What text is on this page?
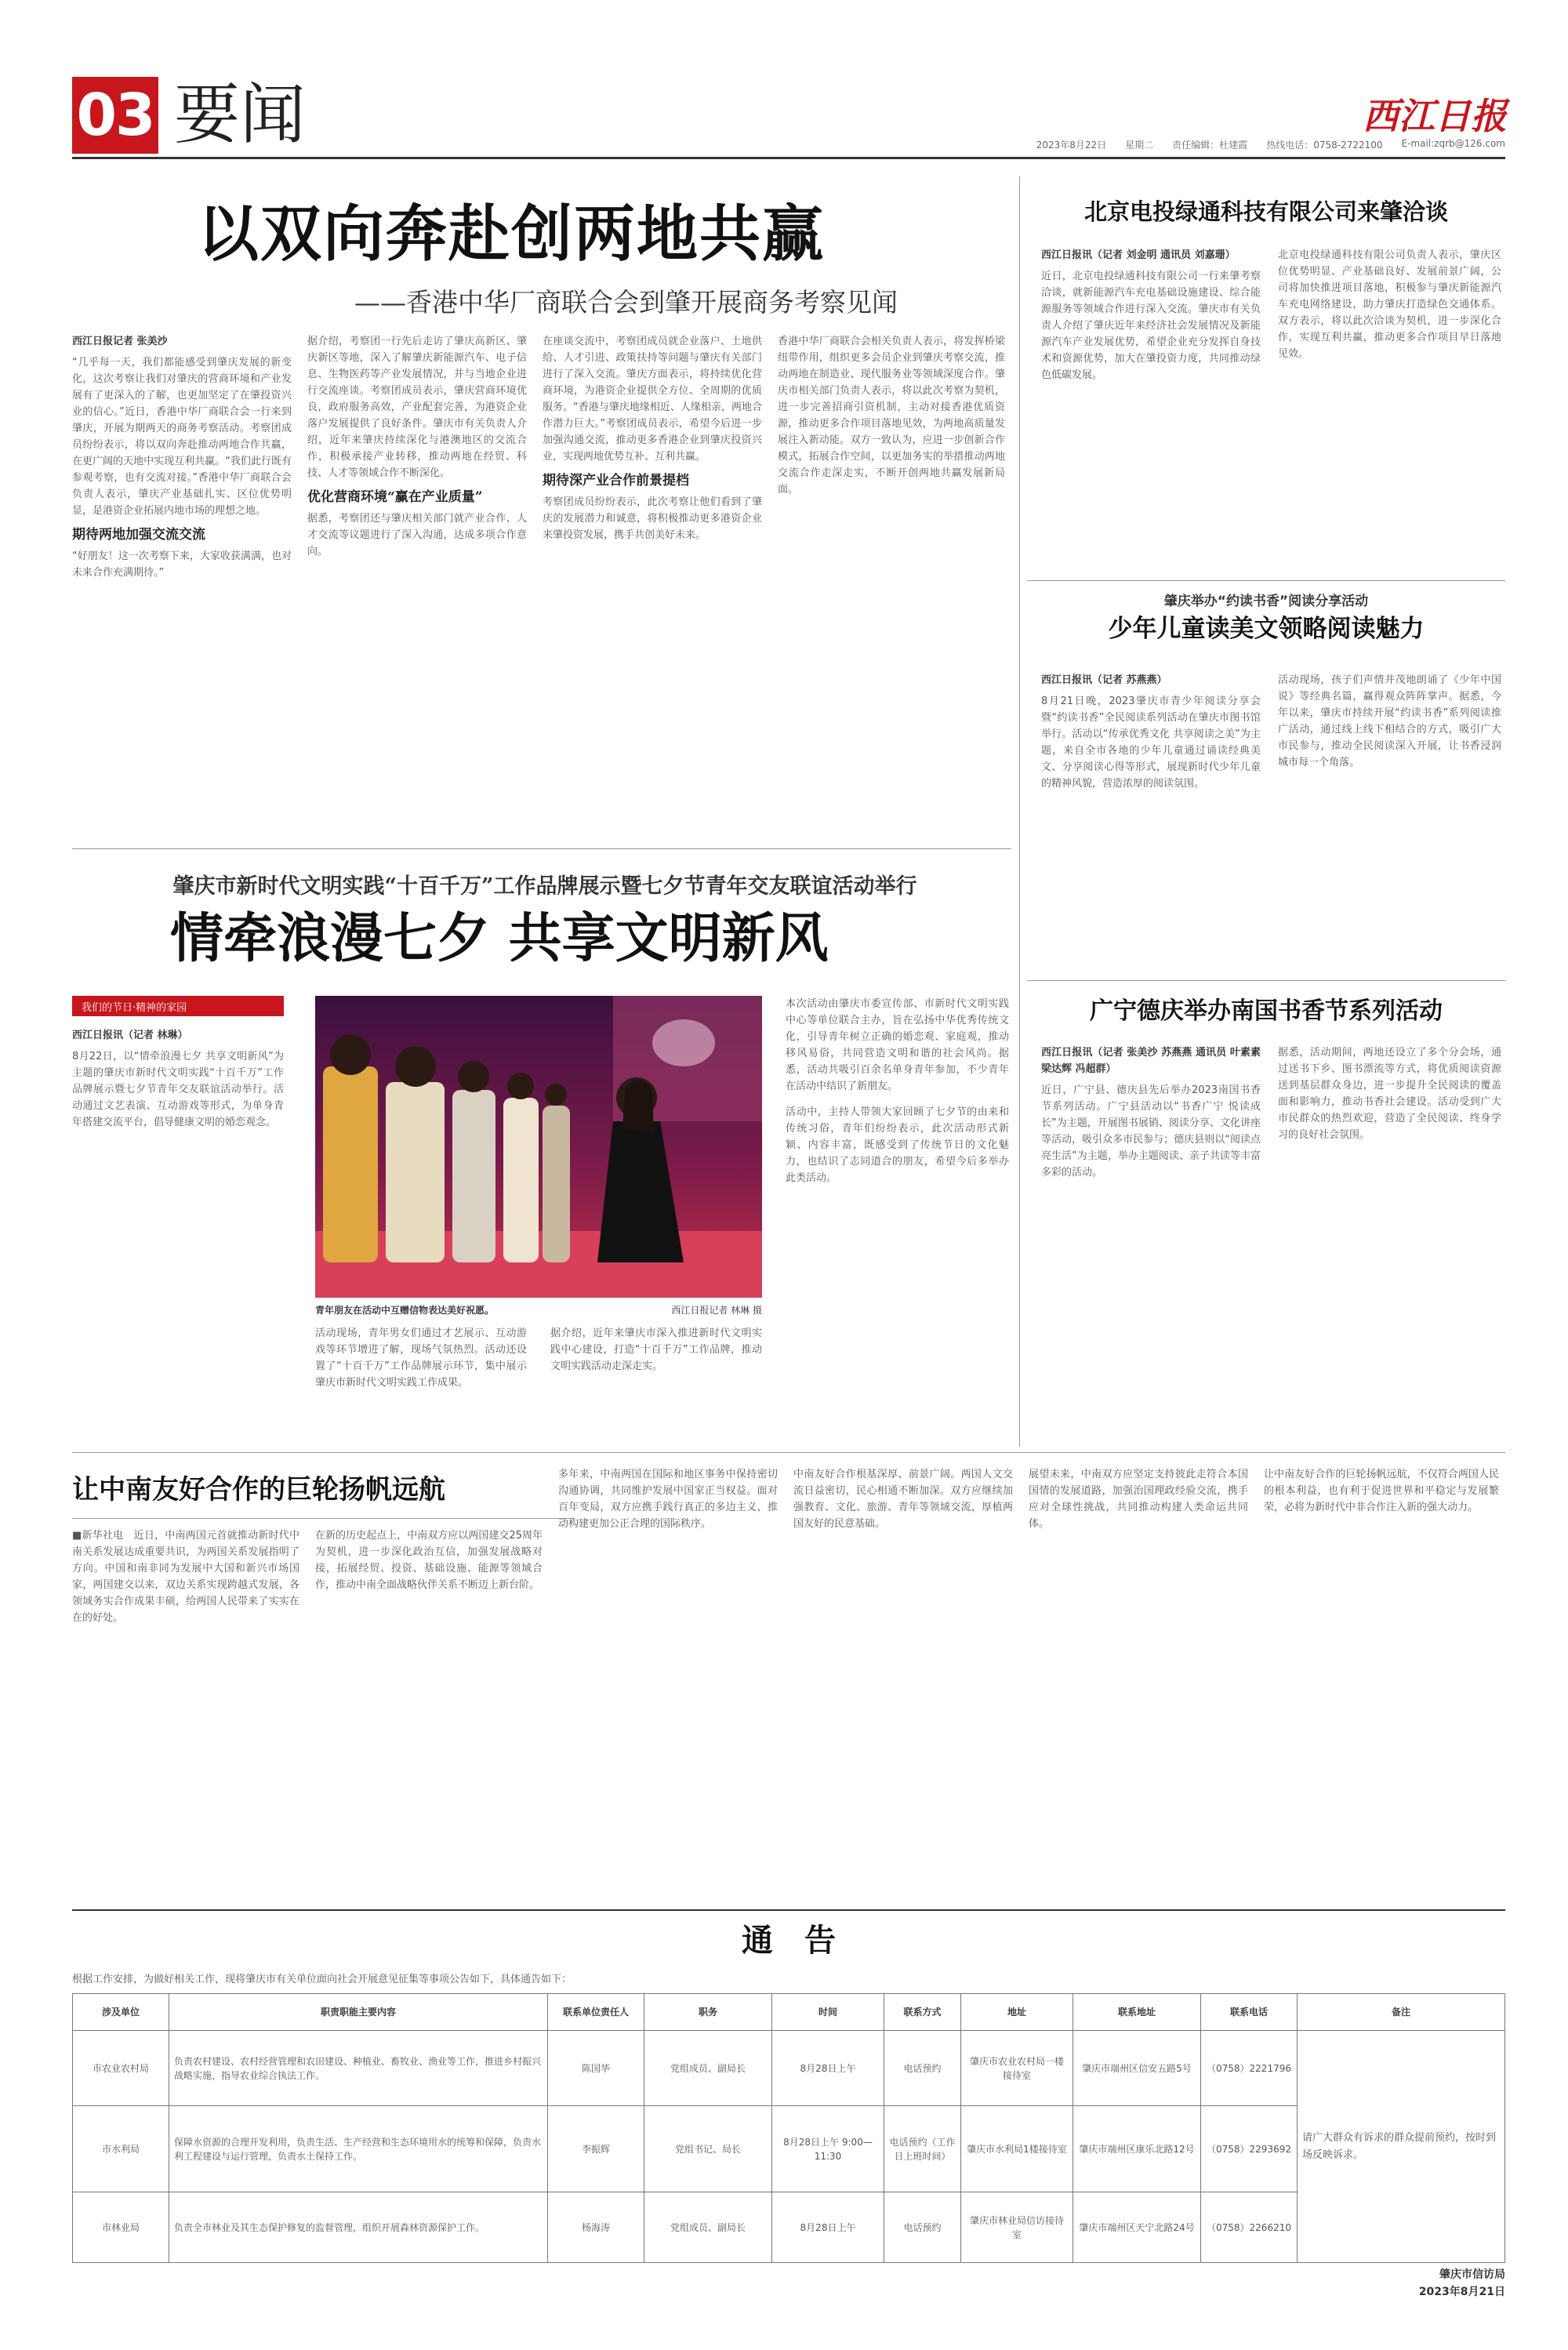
03 要闻	西江日报
2023年8月22日 星期二 责任编辑：杜建霞 热线电话：0758-2722100 E-mail:zqrb@126.com
以双向奔赴创两地共赢
——香港中华厂商联合会到肇开展商务考察见闻
西江日报记者 张美沙
“几乎每一天，我们都能感受到肇庆发展的新变化，这次考察让我们对肇庆的营商环境和产业发展有了更深入的了解，也更加坚定了在肇投资兴业的信心。”近日，香港中华厂商联合会一行来到肇庆，开展为期两天的商务考察活动。考察团成员纷纷表示，将以双向奔赴推动两地合作共赢，在更广阔的天地中实现互利共赢。“我们此行既有参观考察，也有交流对接。”香港中华厂商联合会负责人表示，肇庆产业基础扎实、区位优势明显，是港资企业拓展内地市场的理想之地。
期待两地加强交流交流
“好朋友！这一次考察下来，大家收获满满，也对未来合作充满期待。”
据介绍，考察团一行先后走访了肇庆高新区、肇庆新区等地，深入了解肇庆新能源汽车、电子信息、生物医药等产业发展情况，并与当地企业进行交流座谈。考察团成员表示，肇庆营商环境优良，政府服务高效，产业配套完善，为港资企业落户发展提供了良好条件。肇庆市有关负责人介绍，近年来肇庆持续深化与港澳地区的交流合作，积极承接产业转移，推动两地在经贸、科技、人才等领域合作不断深化。
优化营商环境“赢在产业质量”
据悉，考察团还与肇庆相关部门就产业合作、人才交流等议题进行了深入沟通，达成多项合作意向。
在座谈交流中，考察团成员就企业落户、土地供给、人才引进、政策扶持等问题与肇庆有关部门进行了深入交流。肇庆方面表示，将持续优化营商环境，为港资企业提供全方位、全周期的优质服务。“香港与肇庆地缘相近、人缘相亲，两地合作潜力巨大。”考察团成员表示，希望今后进一步加强沟通交流，推动更多香港企业到肇庆投资兴业，实现两地优势互补、互利共赢。
期待深产业合作前景提档
考察团成员纷纷表示，此次考察让他们看到了肇庆的发展潜力和诚意，将积极推动更多港资企业来肇投资发展，携手共创美好未来。
香港中华厂商联合会相关负责人表示，将发挥桥梁纽带作用，组织更多会员企业到肇庆考察交流，推动两地在制造业、现代服务业等领域深度合作。肇庆市相关部门负责人表示，将以此次考察为契机，进一步完善招商引资机制，主动对接香港优质资源，推动更多合作项目落地见效，为两地高质量发展注入新动能。双方一致认为，应进一步创新合作模式，拓展合作空间，以更加务实的举措推动两地交流合作走深走实，不断开创两地共赢发展新局面。
北京电投绿通科技有限公司来肇洽谈
西江日报讯（记者 刘金明 通讯员 刘嘉珊）
近日，北京电投绿通科技有限公司一行来肇考察洽谈，就新能源汽车充电基础设施建设、综合能源服务等领域合作进行深入交流。肇庆市有关负责人介绍了肇庆近年来经济社会发展情况及新能源汽车产业发展优势，希望企业充分发挥自身技术和资源优势，加大在肇投资力度，共同推动绿色低碳发展。
北京电投绿通科技有限公司负责人表示，肇庆区位优势明显、产业基础良好、发展前景广阔，公司将加快推进项目落地，积极参与肇庆新能源汽车充电网络建设，助力肇庆打造绿色交通体系。双方表示，将以此次洽谈为契机，进一步深化合作，实现互利共赢，推动更多合作项目早日落地见效。
肇庆举办“约读书香”阅读分享活动
少年儿童读美文领略阅读魅力
西江日报讯（记者 苏燕燕）
8月21日晚，2023肇庆市青少年阅读分享会暨“约读书香”全民阅读系列活动在肇庆市图书馆举行。活动以“传承优秀文化 共享阅读之美”为主题，来自全市各地的少年儿童通过诵读经典美文、分享阅读心得等形式，展现新时代少年儿童的精神风貌，营造浓厚的阅读氛围。
活动现场，孩子们声情并茂地朗诵了《少年中国说》等经典名篇，赢得观众阵阵掌声。据悉，今年以来，肇庆市持续开展“约读书香”系列阅读推广活动，通过线上线下相结合的方式，吸引广大市民参与，推动全民阅读深入开展，让书香浸润城市每一个角落。
广宁德庆举办南国书香节系列活动
西江日报讯（记者 张美沙 苏燕燕 通讯员 叶素素 梁达辉 冯超群）
近日，广宁县、德庆县先后举办2023南国书香节系列活动。广宁县活动以“书香广宁 悦读成长”为主题，开展图书展销、阅读分享、文化讲座等活动，吸引众多市民参与；德庆县则以“阅读点亮生活”为主题，举办主题阅读、亲子共读等丰富多彩的活动。
据悉，活动期间，两地还设立了多个分会场，通过送书下乡、图书漂流等方式，将优质阅读资源送到基层群众身边，进一步提升全民阅读的覆盖面和影响力，推动书香社会建设。活动受到广大市民群众的热烈欢迎，营造了全民阅读、终身学习的良好社会氛围。
肇庆市新时代文明实践“十百千万”工作品牌展示暨七夕节青年交友联谊活动举行
情牵浪漫七夕 共享文明新风
我们的节日·精神的家园
西江日报讯（记者 林琳）
8月22日，以“情牵浪漫七夕 共享文明新风”为主题的肇庆市新时代文明实践“十百千万”工作品牌展示暨七夕节青年交友联谊活动举行。活动通过文艺表演、互动游戏等形式，为单身青年搭建交流平台，倡导健康文明的婚恋观念。
青年朋友在活动中互赠信物表达美好祝愿。	西江日报记者 林琳 摄
活动现场，青年男女们通过才艺展示、互动游戏等环节增进了解，现场气氛热烈。活动还设置了“十百千万”工作品牌展示环节，集中展示肇庆市新时代文明实践工作成果。
据介绍，近年来肇庆市深入推进新时代文明实践中心建设，打造“十百千万”工作品牌，推动文明实践活动走深走实。
本次活动由肇庆市委宣传部、市新时代文明实践中心等单位联合主办，旨在弘扬中华优秀传统文化，引导青年树立正确的婚恋观、家庭观，推动移风易俗，共同营造文明和谐的社会风尚。据悉，活动共吸引百余名单身青年参加，不少青年在活动中结识了新朋友。
活动中，主持人带领大家回顾了七夕节的由来和传统习俗，青年们纷纷表示，此次活动形式新颖、内容丰富，既感受到了传统节日的文化魅力，也结识了志同道合的朋友，希望今后多举办此类活动。
让中南友好合作的巨轮扬帆远航
■新华社电　近日，中南两国元首就推动新时代中南关系发展达成重要共识，为两国关系发展指明了方向。中国和南非同为发展中大国和新兴市场国家，两国建交以来，双边关系实现跨越式发展，各领域务实合作成果丰硕，给两国人民带来了实实在在的好处。
在新的历史起点上，中南双方应以两国建交25周年为契机，进一步深化政治互信，加强发展战略对接，拓展经贸、投资、基础设施、能源等领域合作，推动中南全面战略伙伴关系不断迈上新台阶。
多年来，中南两国在国际和地区事务中保持密切沟通协调，共同维护发展中国家正当权益。面对百年变局，双方应携手践行真正的多边主义，推动构建更加公正合理的国际秩序。
中南友好合作根基深厚、前景广阔。两国人文交流日益密切，民心相通不断加深。双方应继续加强教育、文化、旅游、青年等领域交流，厚植两国友好的民意基础。
展望未来，中南双方应坚定支持彼此走符合本国国情的发展道路，加强治国理政经验交流，携手应对全球性挑战，共同推动构建人类命运共同体。
让中南友好合作的巨轮扬帆远航，不仅符合两国人民的根本利益，也有利于促进世界和平稳定与发展繁荣，必将为新时代中非合作注入新的强大动力。
通　告
根据工作安排，为做好相关工作，现将肇庆市有关单位面向社会开展意见征集等事项公告如下，具体通告如下：
涉及单位	职责职能主要内容	联系单位责任人	职务	时间	联系方式	地址	联系地址	联系电话	备注
市农业农村局	负责农村建设、农村经营管理和农田建设、种植业、畜牧业、渔业等工作，推进乡村振兴战略实施，指导农业综合执法工作。	陈国华	党组成员、副局长	8月28日上午	电话预约	肇庆市农业农村局一楼接待室	肇庆市端州区信安五路5号	（0758）2221796	请广大群众有诉求的群众提前预约，按时到场反映诉求。
市水利局	保障水资源的合理开发利用，负责生活、生产经营和生态环境用水的统筹和保障，负责水利工程建设与运行管理，负责水土保持工作。	李振辉	党组书记、局长	8月28日上午 9:00—11:30	电话预约（工作日上班时间）	肇庆市水利局1楼接待室	肇庆市端州区康乐北路12号	（0758）2293692	
市林业局	负责全市林业及其生态保护修复的监督管理，组织开展森林资源保护工作。	杨海涛	党组成员、副局长	8月28日上午	电话预约	肇庆市林业局信访接待室	肇庆市端州区天宁北路24号	（0758）2266210	
肇庆市信访局
2023年8月21日
